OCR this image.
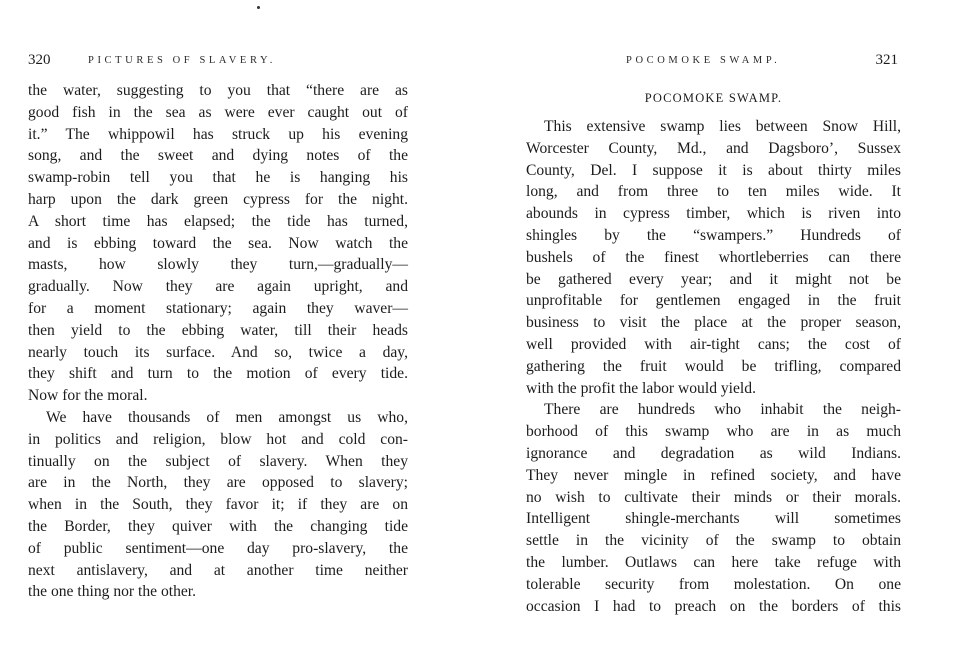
320	PICTURES OF SLAVERY.
the water, suggesting to you that “there are as
good fish in the sea as were ever caught out of
it.” The whippowil has struck up his evening
song, and the sweet and dying notes of the
swamp-robin tell you that he is hanging his
harp upon the dark green cypress for the night.
A short time has elapsed; the tide has turned,
and is ebbing toward the sea. Now watch the
masts, how slowly they turn,—gradually—
gradually. Now they are again upright, and
for a moment stationary; again they waver—
then yield to the ebbing water, till their heads
nearly touch its surface. And so, twice a day,
they shift and turn to the motion of every tide.
Now for the moral.
We have thousands of men amongst us who,
in politics and religion, blow hot and cold con-
tinually on the subject of slavery. When they
are in the North, they are opposed to slavery;
when in the South, they favor it; if they are on
the Border, they quiver with the changing tide
of public sentiment—one day pro-slavery, the
next antislavery, and at another time neither
the one thing nor the other.
POCOMOKE SWAMP.	321
POCOMOKE SWAMP.
This extensive swamp lies between Snow Hill,
Worcester County, Md., and Dagsboro’, Sussex
County, Del. I suppose it is about thirty miles
long, and from three to ten miles wide. It
abounds in cypress timber, which is riven into
shingles by the “swampers.” Hundreds of
bushels of the finest whortleberries can there
be gathered every year; and it might not be
unprofitable for gentlemen engaged in the fruit
business to visit the place at the proper season,
well provided with air-tight cans; the cost of
gathering the fruit would be trifling, compared
with the profit the labor would yield.
There are hundreds who inhabit the neigh-
borhood of this swamp who are in as much
ignorance and degradation as wild Indians.
They never mingle in refined society, and have
no wish to cultivate their minds or their morals.
Intelligent shingle-merchants will sometimes
settle in the vicinity of the swamp to obtain
the lumber. Outlaws can here take refuge with
tolerable security from molestation. On one
occasion I had to preach on the borders of this
